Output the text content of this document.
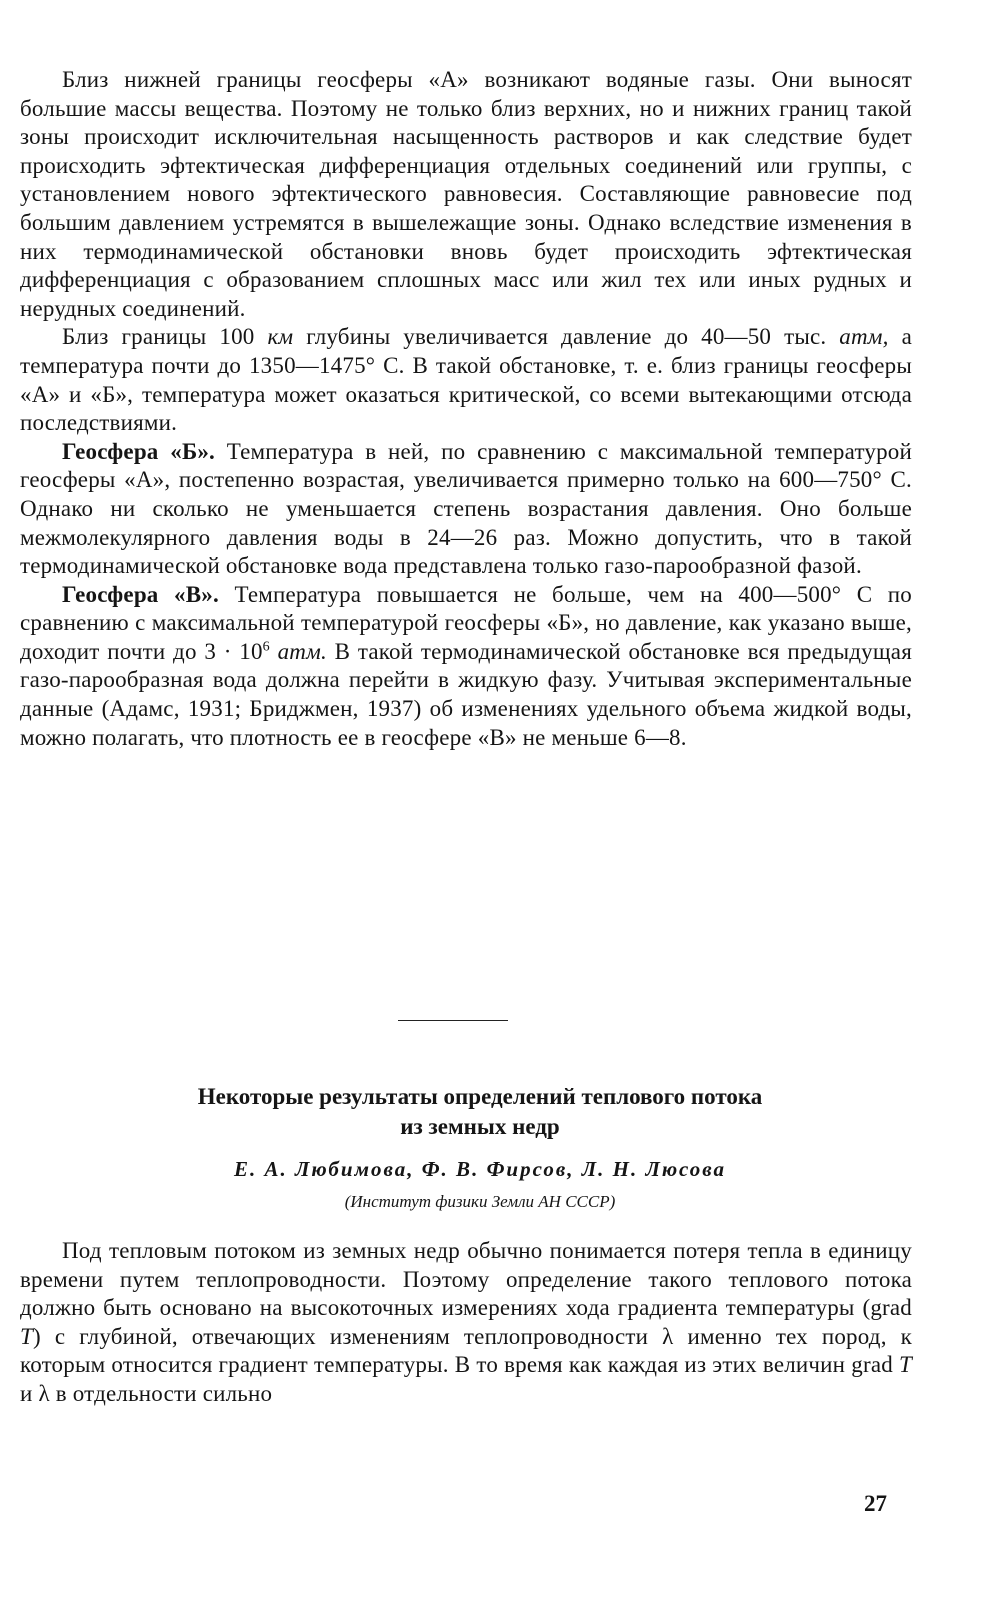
Близ нижней границы геосферы «А» возникают водяные газы. Они выносят большие массы вещества. Поэтому не только близ верхних, но и нижних границ такой зоны происходит исключительная насыщенность растворов и как следствие будет происходить эфтектическая дифференциация отдельных соединений или группы, с установлением нового эфтектического равновесия. Составляющие равновесие под большим давлением устремятся в вышележащие зоны. Однако вследствие изменения в них термодинамической обстановки вновь будет происходить эфтектическая дифференциация с образованием сплошных масс или жил тех или иных рудных и нерудных соединений.

Близ границы 100 км глубины увеличивается давление до 40—50 тыс. атм, а температура почти до 1350—1475° С. В такой обстановке, т. е. близ границы геосферы «А» и «Б», температура может оказаться критической, со всеми вытекающими отсюда последствиями.

Геосфера «Б». Температура в ней, по сравнению с максимальной температурой геосферы «А», постепенно возрастая, увеличивается примерно только на 600—750° С. Однако ни сколько не уменьшается степень возрастания давления. Оно больше межмолекулярного давления воды в 24—26 раз. Можно допустить, что в такой термодинамической обстановке вода представлена только газо-парообразной фазой.

Геосфера «В». Температура повышается не больше, чем на 400—500° С по сравнению с максимальной температурой геосферы «Б», но давление, как указано выше, доходит почти до $3 \cdot 10^6$ атм. В такой термодинамической обстановке вся предыдущая газо-парообразная вода должна перейти в жидкую фазу. Учитывая экспериментальные данные (Адамс, 1931; Бриджмен, 1937) об изменениях удельного объема жидкой воды, можно полагать, что плотность ее в геосфере «В» не меньше 6—8.

Некоторые результаты определений теплового потока
из земных недр

Е. А. Любимова, Ф. В. Фирсов, Л. Н. Люсова

(Институт физики Земли АН СССР)

Под тепловым потоком из земных недр обычно понимается потеря тепла в единицу времени путем теплопроводности. Поэтому определение такого теплового потока должно быть основано на высокоточных измерениях хода градиента температуры (grad T) с глубиной, отвечающих изменениям теплопроводности λ именно тех пород, к которым относится градиент температуры. В то время как каждая из этих величин grad T и λ в отдельности сильно

27
